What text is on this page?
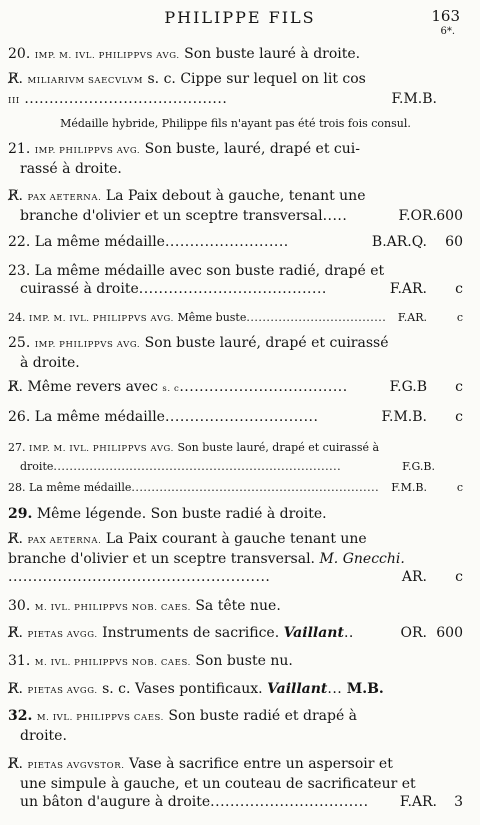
PHILIPPE FILS	163
6*.
20. IMP. M. IVL. PHILIPPVS AVG. Son buste lauré à droite.
R̸. MILIARIVM SAECVLVM s. c. Cippe sur lequel on lit cos
III .........................................	F.M.B.
Médaille hybride, Philippe fils n'ayant pas été trois fois consul.
21. IMP. PHILIPPVS AVG. Son buste, lauré, drapé et cui-
rassé à droite.
R̸. PAX AETERNA. La Paix debout à gauche, tenant une
branche d'olivier et un sceptre transversal.....	F.OR. 600
22. La même médaille.........................	B.AR.Q. 60
23. La même médaille avec son buste radié, drapé et
cuirassé à droite......................................	F.AR. c
24. IMP. M. IVL. PHILIPPVS AVG. Même buste................................... F.AR.	c
25. IMP. PHILIPPVS AVG. Son buste lauré, drapé et cuirassé
à droite.
R̸. Même revers avec s. c..................................	F.G.B c
26. La même médaille...............................	F.M.B. c
27. IMP. M. IVL. PHILIPPVS AVG. Son buste lauré, drapé et cuirassé à
droite........................................................................	F.G.B.
28. La même médaille.............................................................. F.M.B.	c
29. Même légende. Son buste radié à droite.
R̸. PAX AETERNA. La Paix courant à gauche tenant une
branche d'olivier et un sceptre transversal. M. Gnecchi.
.....................................................	AR. c
30. M. IVL. PHILIPPVS NOB. CAES. Sa tête nue.
R̸. PIETAS AVGG. Instruments de sacrifice. Vaillant..	OR. 600
31. M. IVL. PHILIPPVS NOB. CAES. Son buste nu.
R̸. PIETAS AVGG. s. c. Vases pontificaux. Vaillant... M.B.
32. M. IVL. PHILIPPVS CAES. Son buste radié et drapé à
droite.
R̸. PIETAS AVGVSTOR. Vase à sacrifice entre un aspersoir et
une simpule à gauche, et un couteau de sacrificateur et
un bâton d'augure à droite................................ F.AR. 3
